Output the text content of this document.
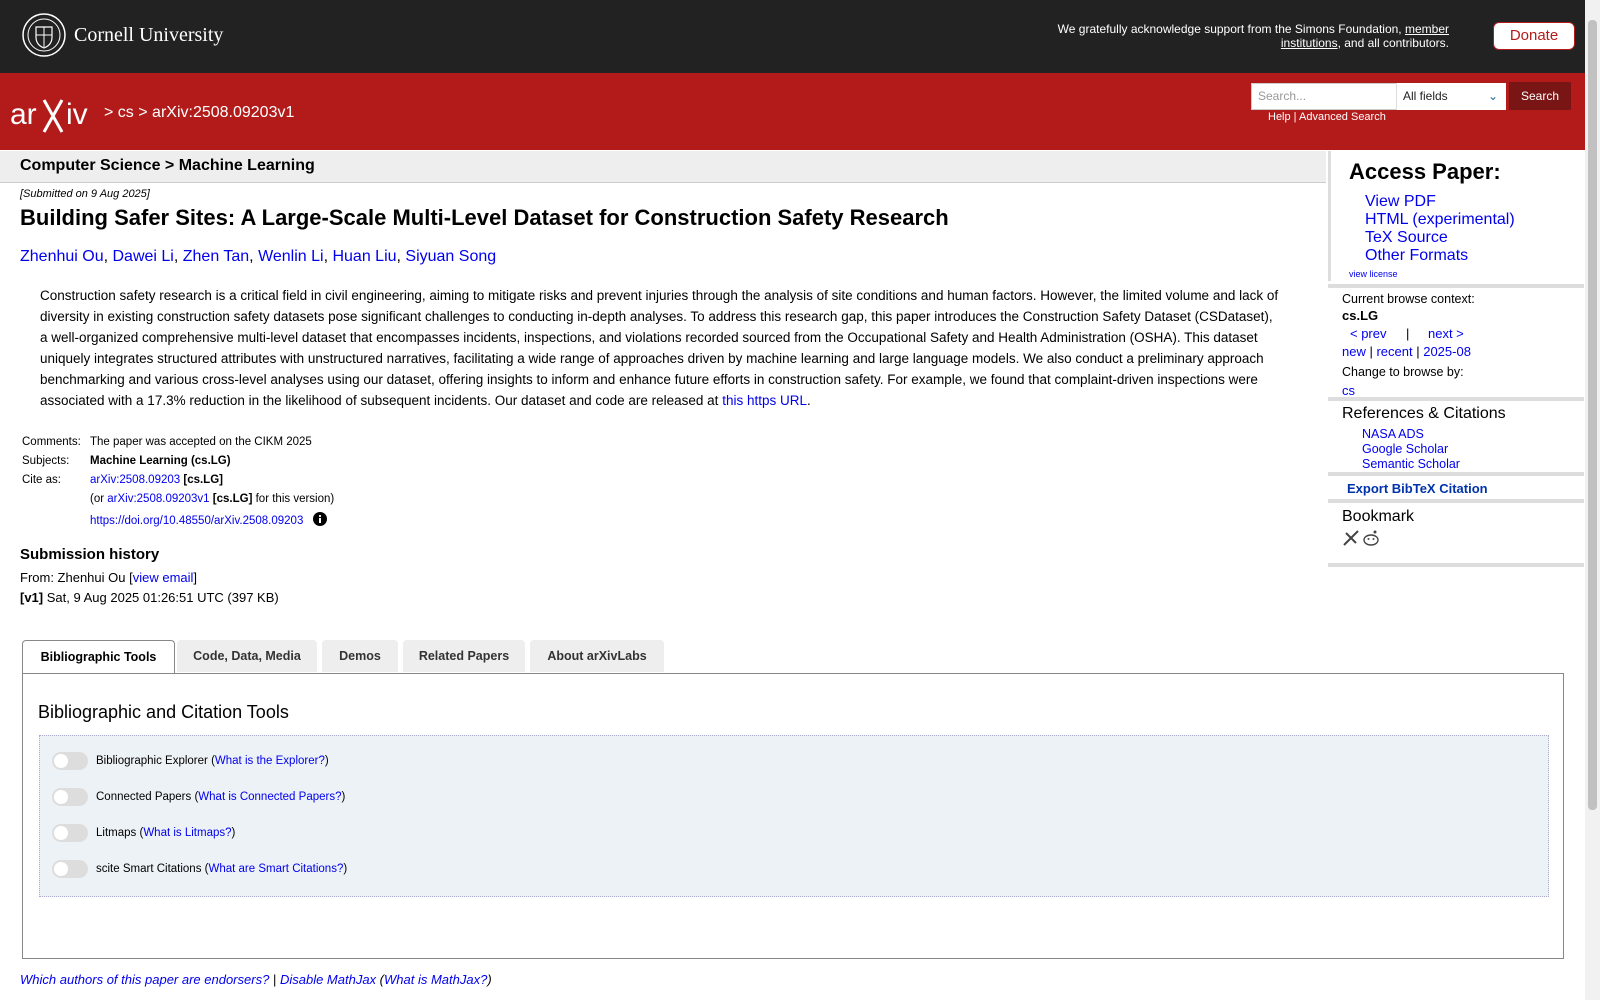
Cornell University	We gratefully acknowledge support from the Simons Foundation, member institutions, and all contributors.	Donate
ar iv > cs > arXiv:2508.09203v1
Search...	All fields	⌄	Search
Help | Advanced Search
Computer Science > Machine Learning
[Submitted on 9 Aug 2025]
Building Safer Sites: A Large-Scale Multi-Level Dataset for Construction Safety Research
Zhenhui Ou, Dawei Li, Zhen Tan, Wenlin Li, Huan Liu, Siyuan Song
Construction safety research is a critical field in civil engineering, aiming to mitigate risks and prevent injuries through the analysis of site conditions and human factors. However, the limited volume and lack of diversity in existing construction safety datasets pose significant challenges to conducting in-depth analyses. To address this research gap, this paper introduces the Construction Safety Dataset (CSDataset), a well-organized comprehensive multi-level dataset that encompasses incidents, inspections, and violations recorded sourced from the Occupational Safety and Health Administration (OSHA). This dataset uniquely integrates structured attributes with unstructured narratives, facilitating a wide range of approaches driven by machine learning and large language models. We also conduct a preliminary approach benchmarking and various cross-level analyses using our dataset, offering insights to inform and enhance future efforts in construction safety. For example, we found that complaint-driven inspections were associated with a 17.3% reduction in the likelihood of subsequent incidents. Our dataset and code are released at this https URL.
Comments: The paper was accepted on the CIKM 2025
Subjects:	Machine Learning (cs.LG)
Cite as:	arXiv:2508.09203 [cs.LG]
(or arXiv:2508.09203v1 [cs.LG] for this version)
https://doi.org/10.48550/arXiv.2508.09203
Submission history
From: Zhenhui Ou [view email]
[v1] Sat, 9 Aug 2025 01:26:51 UTC (397 KB)
Access Paper:
View PDF
HTML (experimental)
TeX Source
Other Formats
view license
Current browse context:
cs.LG
< prev | next >
new | recent | 2025-08
Change to browse by:
cs
References & Citations
NASA ADS
Google Scholar
Semantic Scholar
Export BibTeX Citation
Bookmark
Bibliographic Tools	Code, Data, Media	Demos	Related Papers	About arXivLabs
Bibliographic and Citation Tools
Bibliographic Explorer (What is the Explorer?)
Connected Papers (What is Connected Papers?)
Litmaps (What is Litmaps?)
scite Smart Citations (What are Smart Citations?)
Which authors of this paper are endorsers? | Disable MathJax (What is MathJax?)
